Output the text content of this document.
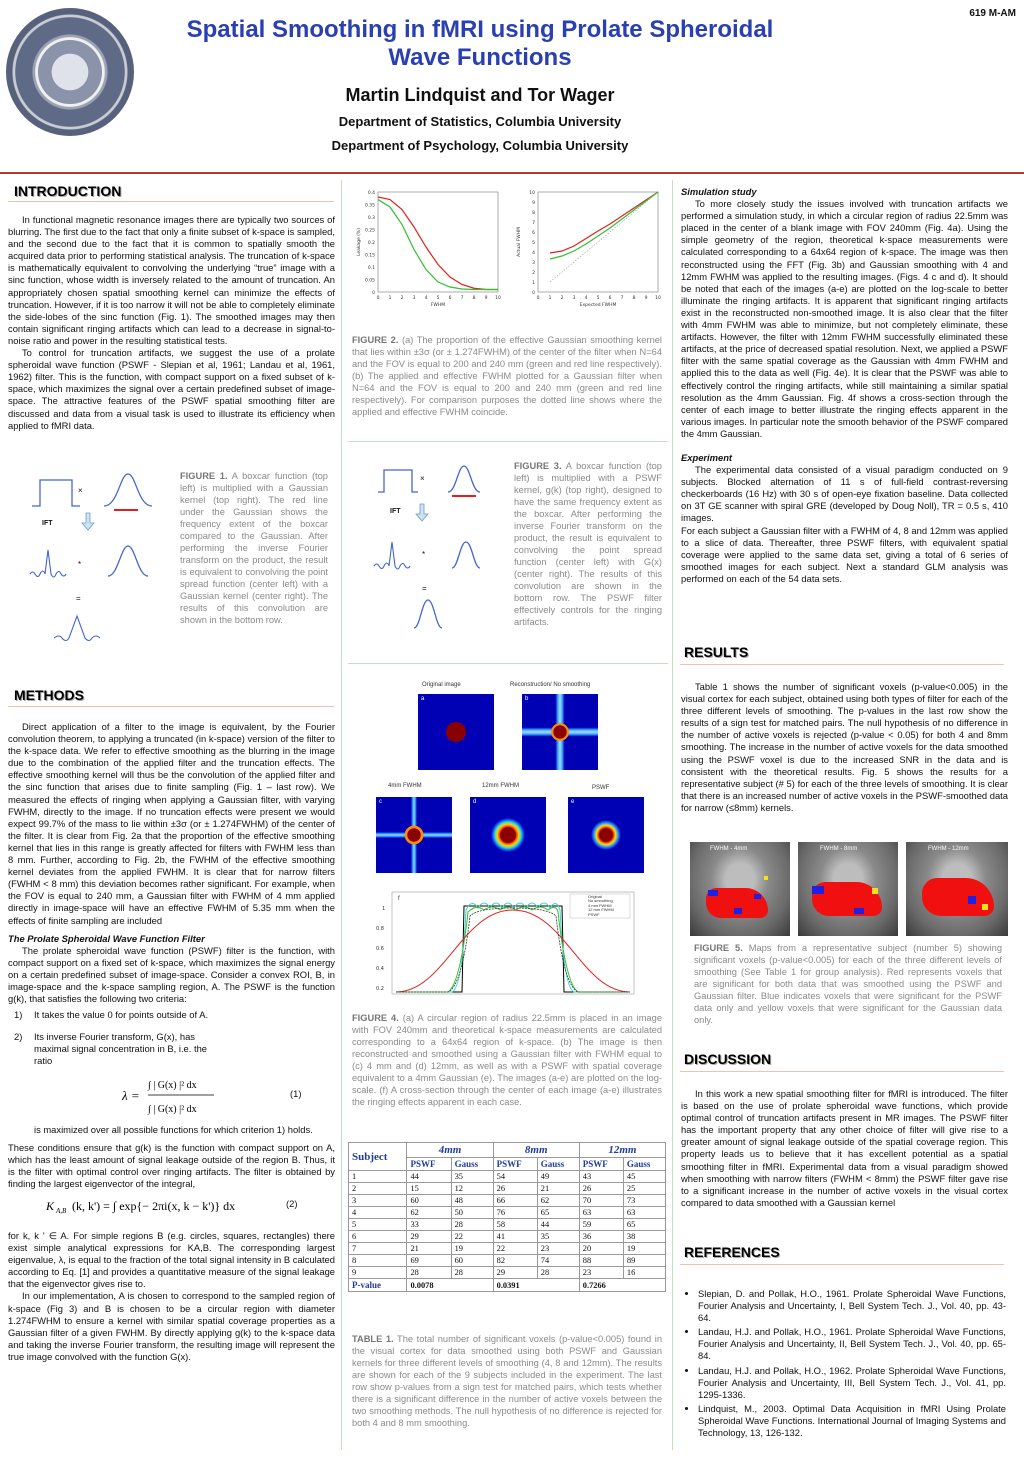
619 M-AM
Spatial Smoothing in fMRI using Prolate Spheroidal
Wave Functions
Martin Lindquist and Tor Wager
Department of Statistics, Columbia University
Department of Psychology, Columbia University
INTRODUCTION

In functional magnetic resonance images there are typically two sources of blurring. The first due to the fact that only a finite subset of k-space is sampled, and the second due to the fact that it is common to spatially smooth the acquired data prior to performing statistical analysis. The truncation of k-space is mathematically equivalent to convolving the underlying “true” image with a sinc function, whose width is inversely related to the amount of truncation. An appropriately chosen spatial smoothing kernel can minimize the effects of truncation. However, if it is too narrow it will not be able to completely eliminate the side-lobes of the sinc function (Fig. 1). The smoothed images may then contain significant ringing artifacts which can lead to a decrease in signal-to-noise ratio and power in the resulting statistical tests.

To control for truncation artifacts, we suggest the use of a prolate spheroidal wave function (PSWF - Slepian et al, 1961; Landau et al, 1961, 1962) filter. This is the function, with compact support on a fixed subset of k-space, which maximizes the signal over a certain predefined subset of image-space. The attractive features of the PSWF spatial smoothing filter are discussed and data from a visual task is used to illustrate its efficiency when applied to fMRI data.

×
IFT
*
=
FIGURE 1. A boxcar function (top left) is multiplied with a Gaussian kernel (top right). The red line under the Gaussian shows the frequency extent of the boxcar compared to the Gaussian. After performing the inverse Fourier transform on the product, the result is equivalent to convolving the point spread function (center left) with a Gaussian kernel (center right). The results of this convolution are shown in the bottom row.
METHODS

Direct application of a filter to the image is equivalent, by the Fourier convolution theorem, to applying a truncated (in k-space) version of the filter to the k-space data. We refer to effective smoothing as the blurring in the image due to the combination of the applied filter and the truncation effects. The effective smoothing kernel will thus be the convolution of the applied filter and the sinc function that arises due to finite sampling (Fig. 1 – last row). We measured the effects of ringing when applying a Gaussian filter, with varying FWHM, directly to the image. If no truncation effects were present we would expect 99.7% of the mass to lie within ±3σ (or ± 1.274FWHM) of the center of the filter. It is clear from Fig. 2a that the proportion of the effective smoothing kernel that lies in this range is greatly affected for filters with FWHM less than 8 mm. Further, according to Fig. 2b, the FWHM of the effective smoothing kernel deviates from the applied FWHM. It is clear that for narrow filters (FWHM < 8 mm) this deviation becomes rather significant. For example, when the FOV is equal to 240 mm, a Gaussian filter with FWHM of 4 mm applied directly in image-space will have an effective FWHM of 5.35 mm when the effects of finite sampling are included

The Prolate Spheroidal Wave Function Filter

The prolate spheroidal wave function (PSWF) filter is the function, with compact support on a fixed set of k-space, which maximizes the signal energy on a certain predefined subset of image-space. Consider a convex ROI, B, in image-space and the k-space sampling region, A. The PSWF is the function g(k), that satisfies the following two criteria:

1)	It takes the value 0 for points outside of A.
2)	Its inverse Fourier transform, G(x), has maximal signal concentration in B, i.e. the ratio
λ =
∫ | G(x) |² dx
∫ | G(x) |² dx
(1)
is maximized over all possible functions for which criterion 1) holds.

These conditions ensure that g(k) is the function with compact support on A, which has the least amount of signal leakage outside of the region B. Thus, it is the filter with optimal control over ringing artifacts. The filter is obtained by finding the largest eigenvector of the integral,

K A,B (k, k') = ∫ exp{− 2πi(x, k − k')} dx	(2)

for k, k ' ∈ A. For simple regions B (e.g. circles, squares, rectangles) there exist simple analytical expressions for KA,B. The corresponding largest eigenvalue, λ, is equal to the fraction of the total signal intensity in B calculated according to Eq. [1] and provides a quantitative measure of the signal leakage that the eigenvector gives rise to.

In our implementation, A is chosen to correspond to the sampled region of k-space (Fig 3) and B is chosen to be a circular region with diameter 1.274FWHM to ensure a kernel with similar spatial coverage properties as a Gaussian filter of a given FWHM. By directly applying g(k) to the k-space data and taking the inverse Fourier transform, the resulting image will represent the true image convolved with the function G(x).

0
0.05
0.1
0.15
0.2
0.25
0.3
0.35
0.4
0 1 2 3 4 5 6 7 8 9 10
FWHM
Leakage (%)
0
1
2
3
4
5
6
7
8
9
10
0 1 2 3 4 5 6 7 8 9 10
Expected FWHM
Actual FWHM
FIGURE 2. (a) The proportion of the effective Gaussian smoothing kernel that lies within ±3σ (or ± 1.274FWHM) of the center of the filter when N=64 and the FOV is equal to 200 and 240 mm (green and red line respectively). (b) The applied and effective FWHM plotted for a Gaussian filter when N=64 and the FOV is equal to 200 and 240 mm (green and red line respectively). For comparison purposes the dotted line shows where the applied and effective FWHM coincide.
×
IFT
*
=
FIGURE 3. A boxcar function (top left) is multiplied with a PSWF kernel, g(k) (top right), designed to have the same frequency extent as the boxcar. After performing the inverse Fourier transform on the product, the result is equivalent to convolving the point spread function (center left) with G(x) (center right). The results of this convolution are shown in the bottom row. The PSWF filter effectively controls for the ringing artifacts.
Original image	Reconstruction/ No smoothing
a	b
4mm FWHM	12mm FWHM	PSWF
c	d	e
1
0.8
0.6
0.4
0.2
f	Original
No smoothing
4 mm FWHM
12 mm FWHM
PSWF
FIGURE 4. (a) A circular region of radius 22.5mm is placed in an image with FOV 240mm and theoretical k-space measurements are calculated corresponding to a 64x64 region of k-space. (b) The image is then reconstructed and smoothed using a Gaussian filter with FWHM equal to (c) 4 mm and (d) 12mm, as well as with a PSWF with spatial coverage equivalent to a 4mm Gaussian (e). The images (a-e) are plotted on the log-scale. (f) A cross-section through the center of each image (a-e) illustrates the ringing effects apparent in each case.
Subject	4mm		8mm		12mm	
	PSWF	Gauss	PSWF	Gauss	PSWF	Gauss
1	44	35	54	49	43	45
2	15	12	26	21	26	25
3	60	48	66	62	70	73
4	62	50	76	65	63	63
5	33	28	58	44	59	65
6	29	22	41	35	36	38
7	21	19	22	23	20	19
8	69	60	82	74	88	89
9	28	28	29	28	23	16
P-value	0.0078		0.0391		0.7266	
TABLE 1. The total number of significant voxels (p-value<0.005) found in the visual cortex for data smoothed using both PSWF and Gaussian kernels for three different levels of smoothing (4, 8 and 12mm). The results are shown for each of the 9 subjects included in the experiment. The last row show p-values from a sign test for matched pairs, which tests whether there is a significant difference in the number of active voxels between the two smoothing methods. The null hypothesis of no difference is rejected for both 4 and 8 mm smoothing.
Simulation study

To more closely study the issues involved with truncation artifacts we performed a simulation study, in which a circular region of radius 22.5mm was placed in the center of a blank image with FOV 240mm (Fig. 4a). Using the simple geometry of the region, theoretical k-space measurements were calculated corresponding to a 64x64 region of k-space. The image was then reconstructed using the FFT (Fig. 3b) and Gaussian smoothing with 4 and 12mm FWHM was applied to the resulting images. (Figs. 4 c and d). It should be noted that each of the images (a-e) are plotted on the log-scale to better illuminate the ringing artifacts. It is apparent that significant ringing artifacts exist in the reconstructed non-smoothed image. It is also clear that the filter with 4mm FWHM was able to minimize, but not completely eliminate, these artifacts. However, the filter with 12mm FWHM successfully eliminated these artifacts, at the price of decreased spatial resolution. Next, we applied a PSWF filter with the same spatial coverage as the Gaussian with 4mm FWHM and applied this to the data as well (Fig. 4e). It is clear that the PSWF was able to effectively control the ringing artifacts, while still maintaining a similar spatial resolution as the 4mm Gaussian. Fig. 4f shows a cross-section through the center of each image to better illustrate the ringing effects apparent in the various images. In particular note the smooth behavior of the PSWF compared the 4mm Gaussian.

Experiment

The experimental data consisted of a visual paradigm conducted on 9 subjects. Blocked alternation of 11 s of full-field contrast-reversing checkerboards (16 Hz) with 30 s of open-eye fixation baseline. Data collected on 3T GE scanner with spiral GRE (developed by Doug Noll), TR = 0.5 s, 410 images.

For each subject a Gaussian filter with a FWHM of 4, 8 and 12mm was applied to a slice of data. Thereafter, three PSWF filters, with equivalent spatial coverage were applied to the same data set, giving a total of 6 series of smoothed images for each subject. Next a standard GLM analysis was performed on each of the 54 data sets.

RESULTS

Table 1 shows the number of significant voxels (p-value<0.005) in the visual cortex for each subject, obtained using both types of filter for each of the three different levels of smoothing. The p-values in the last row show the results of a sign test for matched pairs. The null hypothesis of no difference in the number of active voxels is rejected (p-value < 0.05) for both 4 and 8mm smoothing. The increase in the number of active voxels for the data smoothed using the PSWF voxel is due to the increased SNR in the data and is consistent with the theoretical results. Fig. 5 shows the results for a representative subject (# 5) for each of the three levels of smoothing. It is clear that there is an increased number of active voxels in the PSWF-smoothed data for narrow (≤8mm) kernels.

FWHM - 4mm	FWHM - 8mm	FWHM - 12mm
FIGURE 5. Maps from a representative subject (number 5) showing significant voxels (p-value<0.005) for each of the three different levels of smoothing (See Table 1 for group analysis). Red represents voxels that are significant for both data that was smoothed using the PSWF and Gaussian filter. Blue indicates voxels that were significant for the PSWF data only and yellow voxels that were significant for the Gaussian data only.
DISCUSSION

In this work a new spatial smoothing filter for fMRI is introduced. The filter is based on the use of prolate spheroidal wave functions, which provide optimal control of truncation artifacts present in MR images. The PSWF filter has the important property that any other choice of filter will give rise to a greater amount of signal leakage outside of the spatial coverage region. This property leads us to believe that it has excellent potential as a spatial smoothing filter in fMRI. Experimental data from a visual paradigm showed when smoothing with narrow filters (FWHM < 8mm) the PSWF filter gave rise to a significant increase in the number of active voxels in the visual cortex compared to data smoothed with a Gaussian kernel

REFERENCES
• Slepian, D. and Pollak, H.O., 1961. Prolate Spheroidal Wave Functions, Fourier Analysis and Uncertainty, I, Bell System Tech. J., Vol. 40, pp. 43-64.
• Landau, H.J. and Pollak, H.O., 1961. Prolate Spheroidal Wave Functions, Fourier Analysis and Uncertainty, II, Bell System Tech. J., Vol. 40, pp. 65-84.
• Landau, H.J. and Pollak, H.O., 1962. Prolate Spheroidal Wave Functions, Fourier Analysis and Uncertainty, III, Bell System Tech. J., Vol. 41, pp. 1295-1336.
• Lindquist, M., 2003. Optimal Data Acquisition in fMRI Using Prolate Spheroidal Wave Functions. International Journal of Imaging Systems and Technology, 13, 126-132.
